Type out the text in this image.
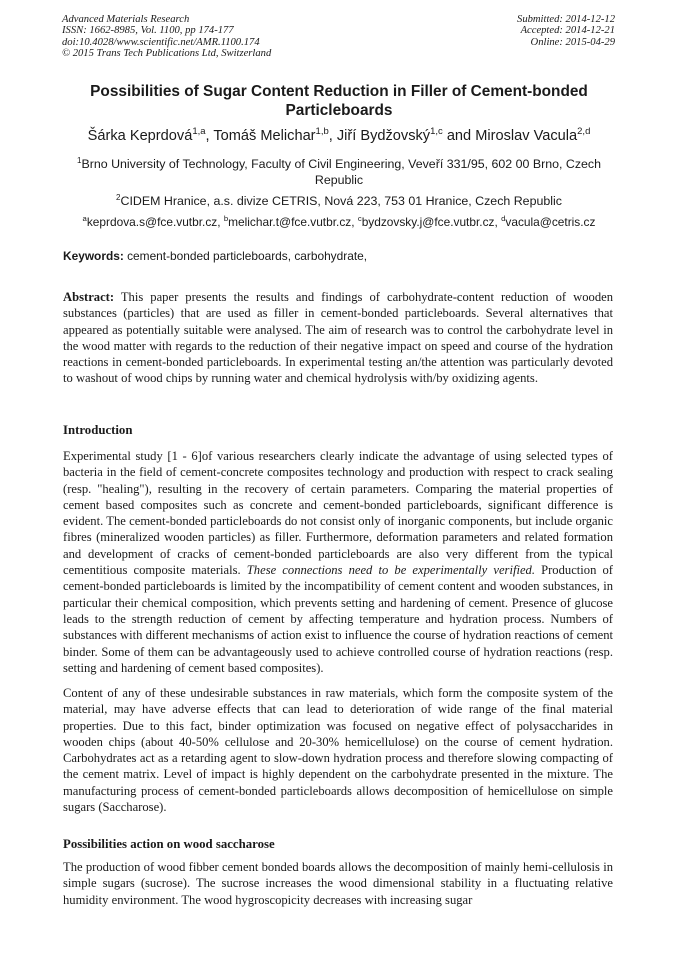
Advanced Materials Research
ISSN: 1662-8985, Vol. 1100, pp 174-177
doi:10.4028/www.scientific.net/AMR.1100.174
© 2015 Trans Tech Publications Ltd, Switzerland
Submitted: 2014-12-12
Accepted: 2014-12-21
Online: 2015-04-29
Possibilities of Sugar Content Reduction in Filler of Cement-bonded Particleboards
Šárka Keprdová$^{1,a}$, Tomáš Melichar$^{1,b}$, Jiří Bydžovský$^{1,c}$ and Miroslav Vacula$^{2,d}$
$^1$Brno University of Technology, Faculty of Civil Engineering, Veveří 331/95, 602 00 Brno, Czech Republic
$^2$CIDEM Hranice, a.s. divize CETRIS, Nová 223, 753 01 Hranice, Czech Republic
$^a$keprdova.s@fce.vutbr.cz, $^b$melichar.t@fce.vutbr.cz, $^c$bydzovsky.j@fce.vutbr.cz, $^d$vacula@cetris.cz
Keywords: cement-bonded particleboards, carbohydrate,

Abstract: This paper presents the results and findings of carbohydrate-content reduction of wooden substances (particles) that are used as filler in cement-bonded particleboards. Several alternatives that appeared as potentially suitable were analysed. The aim of research was to control the carbohydrate level in the wood matter with regards to the reduction of their negative impact on speed and course of the hydration reactions in cement-bonded particleboards. In experimental testing an/the attention was particularly devoted to washout of wood chips by running water and chemical hydrolysis with/by oxidizing agents.

Introduction

Experimental study [1 - 6]of various researchers clearly indicate the advantage of using selected types of bacteria in the field of cement-concrete composites technology and production with respect to crack sealing (resp. "healing"), resulting in the recovery of certain parameters. Comparing the material properties of cement based composites such as concrete and cement-bonded particleboards, significant difference is evident. The cement-bonded particleboards do not consist only of inorganic components, but include organic fibres (mineralized wooden particles) as filler. Furthermore, deformation parameters and related formation and development of cracks of cement-bonded particleboards are also very different from the typical cementitious composite materials. These connections need to be experimentally verified. Production of cement-bonded particleboards is limited by the incompatibility of cement content and wooden substances, in particular their chemical composition, which prevents setting and hardening of cement. Presence of glucose leads to the strength reduction of cement by affecting temperature and hydration process. Numbers of substances with different mechanisms of action exist to influence the course of hydration reactions of cement binder. Some of them can be advantageously used to achieve controlled course of hydration reactions (resp. setting and hardening of cement based composites).

Content of any of these undesirable substances in raw materials, which form the composite system of the material, may have adverse effects that can lead to deterioration of wide range of the final material properties. Due to this fact, binder optimization was focused on negative effect of polysaccharides in wooden chips (about 40-50% cellulose and 20-30% hemicellulose) on the course of cement hydration. Carbohydrates act as a retarding agent to slow-down hydration process and therefore slowing compacting of the cement matrix. Level of impact is highly dependent on the carbohydrate presented in the mixture. The manufacturing process of cement-bonded particleboards allows decomposition of hemicellulose on simple sugars (Saccharose).

Possibilities action on wood saccharose

The production of wood fibber cement bonded boards allows the decomposition of mainly hemi-cellulosis in simple sugars (sucrose). The sucrose increases the wood dimensional stability in a fluctuating relative humidity environment. The wood hygroscopicity decreases with increasing sugar
